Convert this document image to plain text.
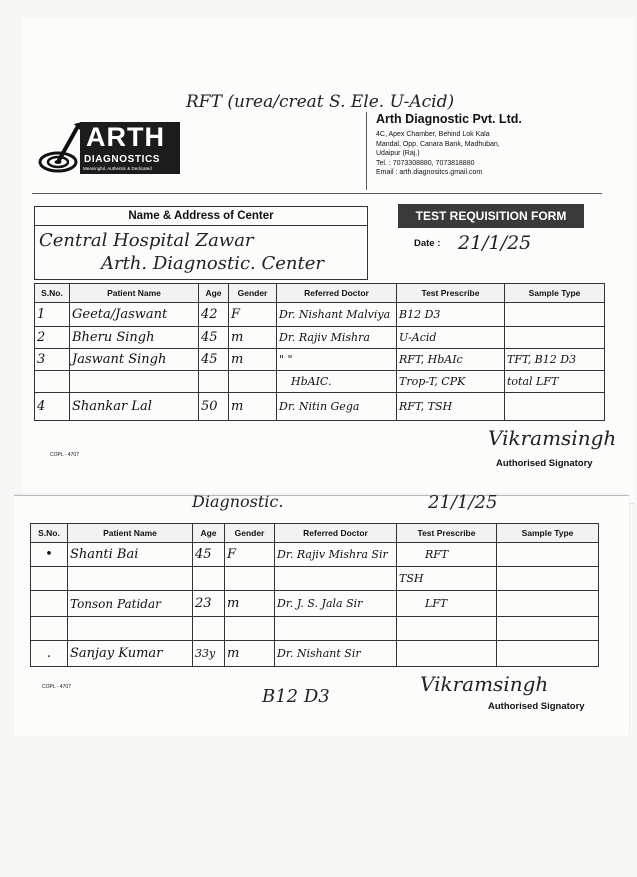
RFT (urea/creat S. Ele. U-Acid)
ARTH
DIAGNOSTICS
Meaningful, Authentic & Dedicated
Arth Diagnostic Pvt. Ltd.
4C, Apex Chamber, Behind Lok Kala
Mandal, Opp. Canara Bank, Madhuban,
Udaipur (Raj.)
Tel. : 7073308880, 7073818880
Email : arth.diagnositcs.gmail.com
Name & Address of Center
Central Hospital Zawar
Arth. Diagnostic. Center
TEST REQUISITION FORM
Date : 21/1/25
S.No.	Patient Name	Age	Gender	Referred Doctor	Test Prescribe	Sample Type
1	Geeta/Jaswant	42	F	Dr. Nishant Malviya	B12 D3	
2	Bheru Singh	45	m	Dr. Rajiv Mishra	U-Acid	
3	Jaswant Singh	45	m	" "	RFT, HbAIc	TFT, B12 D3
				HbAIC.	Trop-T, CPK	total LFT
4	Shankar Lal	50	m	Dr. Nitin Gega	RFT, TSH	
COPL - 4707
Vikramsingh
Authorised Signatory
Diagnostic.	21/1/25
S.No.	Patient Name	Age	Gender	Referred Doctor	Test Prescribe	Sample Type
•	Shanti Bai	45	F	Dr. Rajiv Mishra Sir	RFT	
					TSH	
	Tonson Patidar	23	m	Dr. J. S. Jala Sir	LFT	

.	Sanjay Kumar	33y	m	Dr. Nishant Sir		
COPL - 4707	B12 D3
Vikramsingh
Authorised Signatory
